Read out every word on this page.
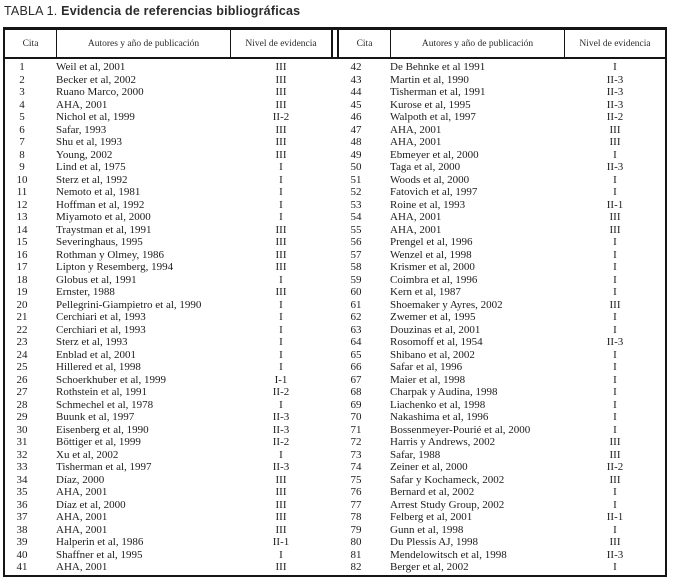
TABLA 1. Evidencia de referencias bibliográficas
Cita	Autores y año de publicación	Nivel de evidencia	Cita	Autores y año de publicación	Nivel de evidencia
1	Weil et al, 2001	III
2	Becker et al, 2002	III
3	Ruano Marco, 2000	III
4	AHA, 2001	III
5	Nichol et al, 1999	II-2
6	Safar, 1993	III
7	Shu et al, 1993	III
8	Young, 2002	III
9	Lind et al, 1975	I
10	Sterz et al, 1992	I
11	Nemoto et al, 1981	I
12	Hoffman et al, 1992	I
13	Miyamoto et al, 2000	I
14	Traystman et al, 1991	III
15	Severinghaus, 1995	III
16	Rothman y Olmey, 1986	III
17	Lipton y Resemberg, 1994	III
18	Globus et al, 1991	I
19	Ernster, 1988	III
20	Pellegrini-Giampietro et al, 1990	I
21	Cerchiari et al, 1993	I
22	Cerchiari et al, 1993	I
23	Sterz et al, 1993	I
24	Enblad et al, 2001	I
25	Hillered et al, 1998	I
26	Schoerkhuber et al, 1999	I-1
27	Rothstein et al, 1991	II-2
28	Schmechel et al, 1978	I
29	Buunk et al, 1997	II-3
30	Eisenberg et al, 1990	II-3
31	Böttiger et al, 1999	II-2
32	Xu et al, 2002	I
33	Tisherman et al, 1997	II-3
34	Díaz, 2000	III
35	AHA, 2001	III
36	Díaz et al, 2000	III
37	AHA, 2001	III
38	AHA, 2001	III
39	Halperin et al, 1986	II-1
40	Shaffner et al, 1995	I
41	AHA, 2001	III
42	De Behnke et al 1991	I
43	Martin et al, 1990	II-3
44	Tisherman et al, 1991	II-3
45	Kurose et al, 1995	II-3
46	Walpoth et al, 1997	II-2
47	AHA, 2001	III
48	AHA, 2001	III
49	Ebmeyer et al, 2000	I
50	Taga et al, 2000	II-3
51	Woods et al, 2000	I
52	Fatovich et al, 1997	I
53	Roine et al, 1993	II-1
54	AHA, 2001	III
55	AHA, 2001	III
56	Prengel et al, 1996	I
57	Wenzel et al, 1998	I
58	Krismer et al, 2000	I
59	Coimbra et al, 1996	I
60	Kern et al, 1987	I
61	Shoemaker y Ayres, 2002	III
62	Zwemer et al, 1995	I
63	Douzinas et al, 2001	I
64	Rosomoff et al, 1954	II-3
65	Shibano et al, 2002	I
66	Safar et al, 1996	I
67	Maier et al, 1998	I
68	Charpak y Audina, 1998	I
69	Liachenko et al, 1998	I
70	Nakashima et al, 1996	I
71	Bossenmeyer-Pourié et al, 2000	I
72	Harris y Andrews, 2002	III
73	Safar, 1988	III
74	Zeiner et al, 2000	II-2
75	Safar y Kochameck, 2002	III
76	Bernard et al, 2002	I
77	Arrest Study Group, 2002	I
78	Felberg et al, 2001	II-1
79	Gunn et al, 1998	I
80	Du Plessis AJ, 1998	III
81	Mendelowitsch et al, 1998	II-3
82	Berger et al, 2002	I
